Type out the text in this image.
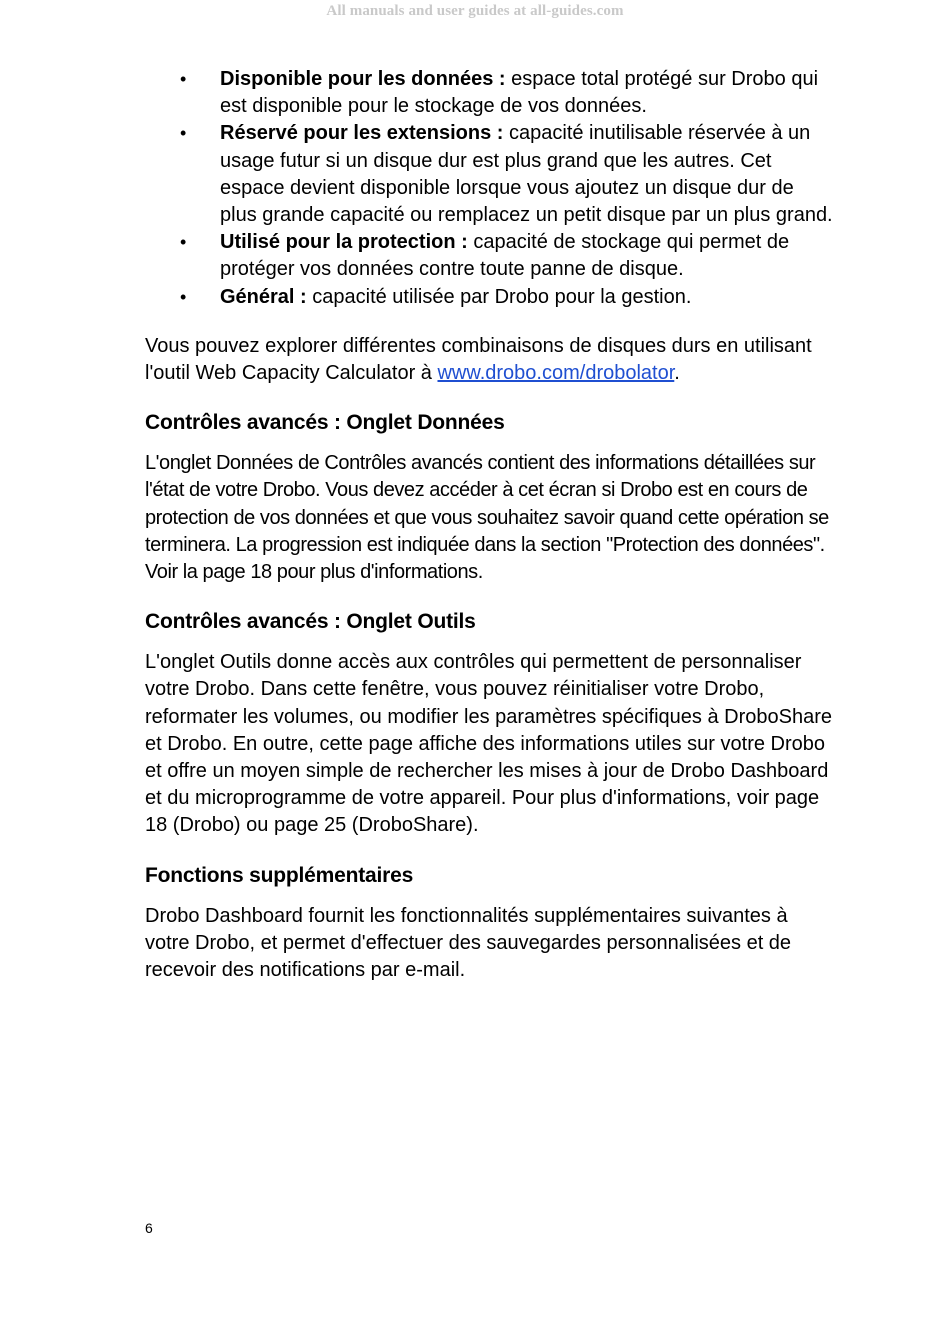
All manuals and user guides at all-guides.com
• Disponible pour les données : espace total protégé sur Drobo qui est disponible pour le stockage de vos données.
• Réservé pour les extensions : capacité inutilisable réservée à un usage futur si un disque dur est plus grand que les autres. Cet espace devient disponible lorsque vous ajoutez un disque dur de plus grande capacité ou remplacez un petit disque par un plus grand.
• Utilisé pour la protection : capacité de stockage qui permet de protéger vos données contre toute panne de disque.
• Général : capacité utilisée par Drobo pour la gestion.

Vous pouvez explorer différentes combinaisons de disques durs en utilisant l'outil Web Capacity Calculator à www.drobo.com/drobolator.

Contrôles avancés : Onglet Données

L'onglet Données de Contrôles avancés contient des informations détaillées sur l'état de votre Drobo. Vous devez accéder à cet écran si Drobo est en cours de protection de vos données et que vous souhaitez savoir quand cette opération se terminera. La progression est indiquée dans la section "Protection des données". Voir la page 18 pour plus d'informations.

Contrôles avancés : Onglet Outils

L'onglet Outils donne accès aux contrôles qui permettent de personnaliser votre Drobo. Dans cette fenêtre, vous pouvez réinitialiser votre Drobo, reformater les volumes, ou modifier les paramètres spécifiques à DroboShare et Drobo. En outre, cette page affiche des informations utiles sur votre Drobo et offre un moyen simple de rechercher les mises à jour de Drobo Dashboard et du microprogramme de votre appareil. Pour plus d'informations, voir page 18 (Drobo) ou page 25 (DroboShare).

Fonctions supplémentaires

Drobo Dashboard fournit les fonctionnalités supplémentaires suivantes à votre Drobo, et permet d'effectuer des sauvegardes personnalisées et de recevoir des notifications par e-mail.

6
